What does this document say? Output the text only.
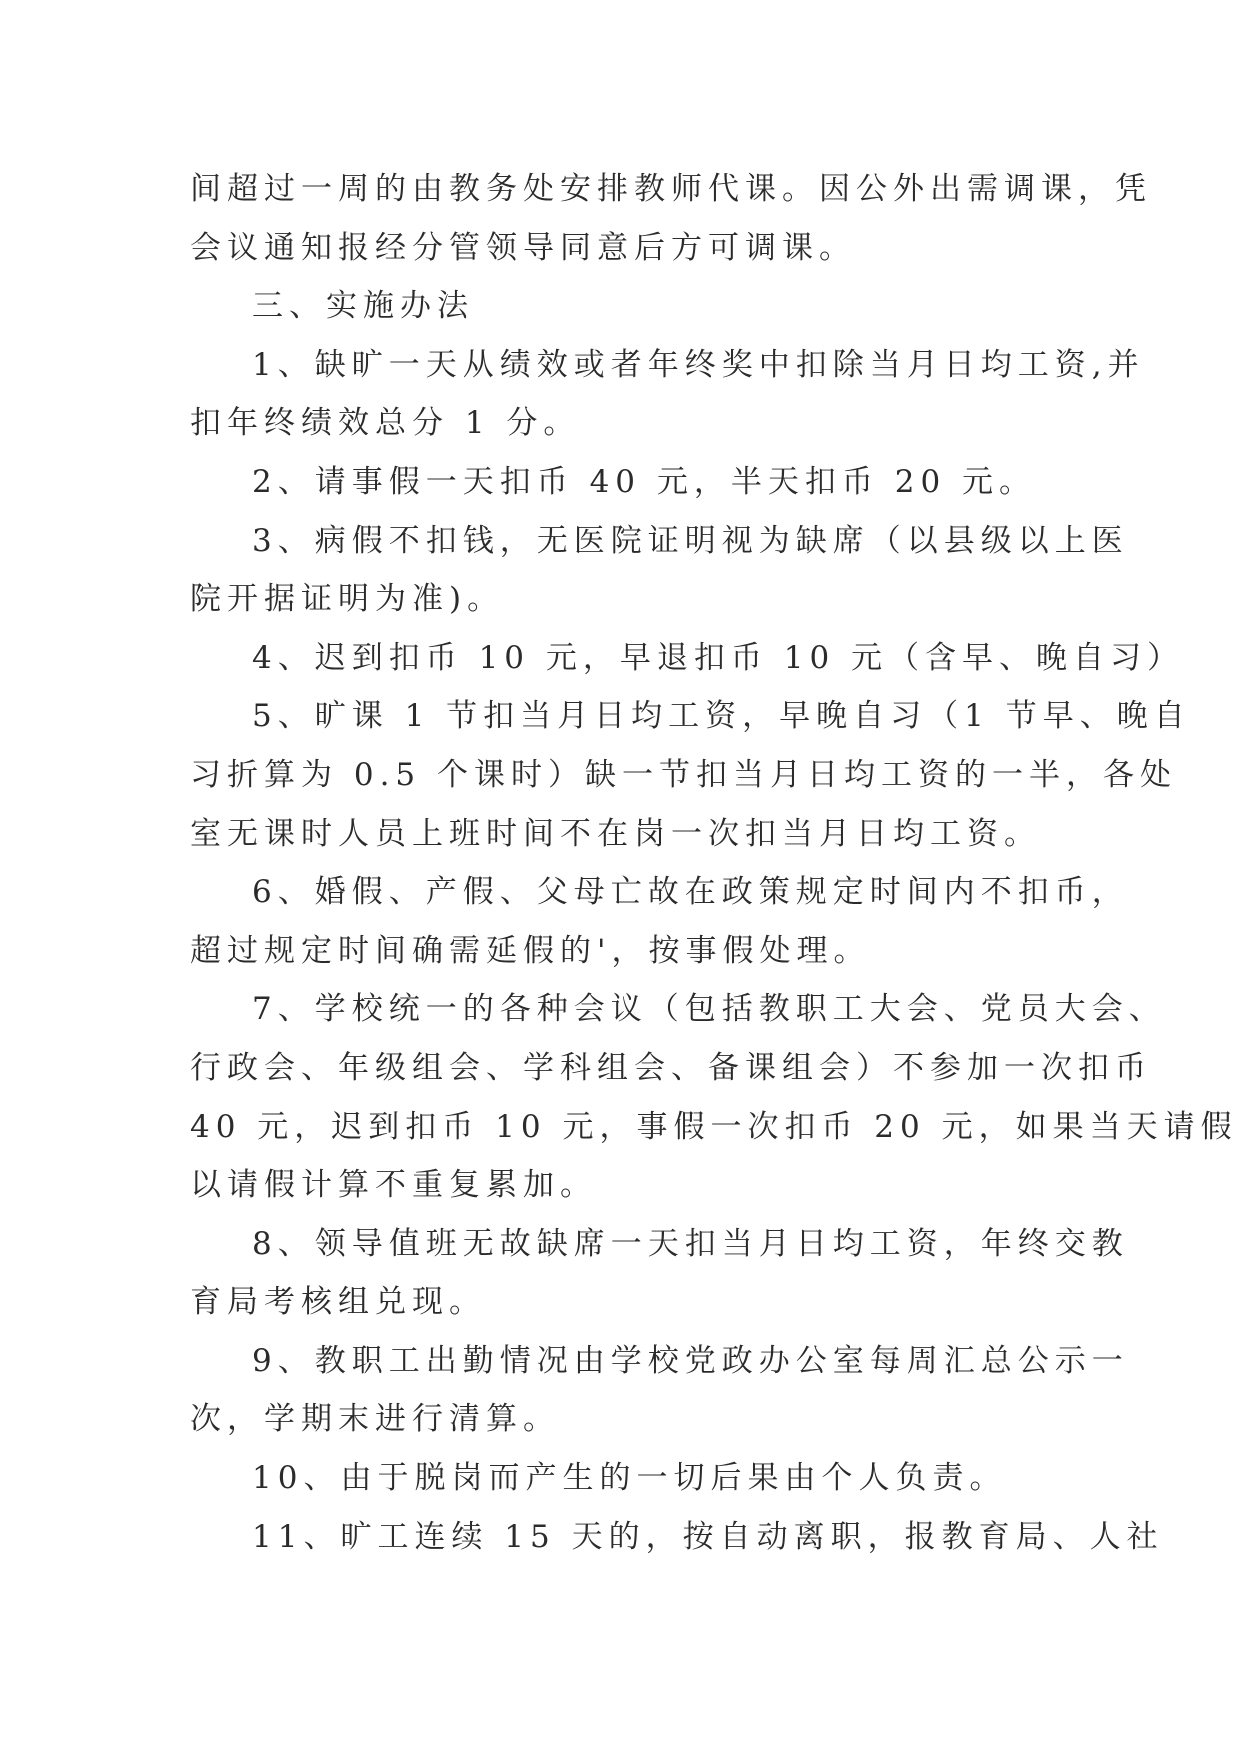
间超过一周的由教务处安排教师代课。因公外出需调课，凭
会议通知报经分管领导同意后方可调课。
三、实施办法
1、缺旷一天从绩效或者年终奖中扣除当月日均工资,并
扣年终绩效总分 1 分。
2、请事假一天扣币 40 元，半天扣币 20 元。
3、病假不扣钱，无医院证明视为缺席（以县级以上医
院开据证明为准)。
4、迟到扣币 10 元，早退扣币 10 元（含早、晚自习）
5、旷课 1 节扣当月日均工资，早晚自习（1 节早、晚自
习折算为 0.5 个课时）缺一节扣当月日均工资的一半，各处
室无课时人员上班时间不在岗一次扣当月日均工资。
6、婚假、产假、父母亡故在政策规定时间内不扣币，
超过规定时间确需延假的'，按事假处理。
7、学校统一的各种会议（包括教职工大会、党员大会、
行政会、年级组会、学科组会、备课组会）不参加一次扣币
40 元，迟到扣币 10 元，事假一次扣币 20 元，如果当天请假
以请假计算不重复累加。
8、领导值班无故缺席一天扣当月日均工资，年终交教
育局考核组兑现。
9、教职工出勤情况由学校党政办公室每周汇总公示一
次，学期末进行清算。
10、由于脱岗而产生的一切后果由个人负责。
11、旷工连续 15 天的，按自动离职，报教育局、人社
